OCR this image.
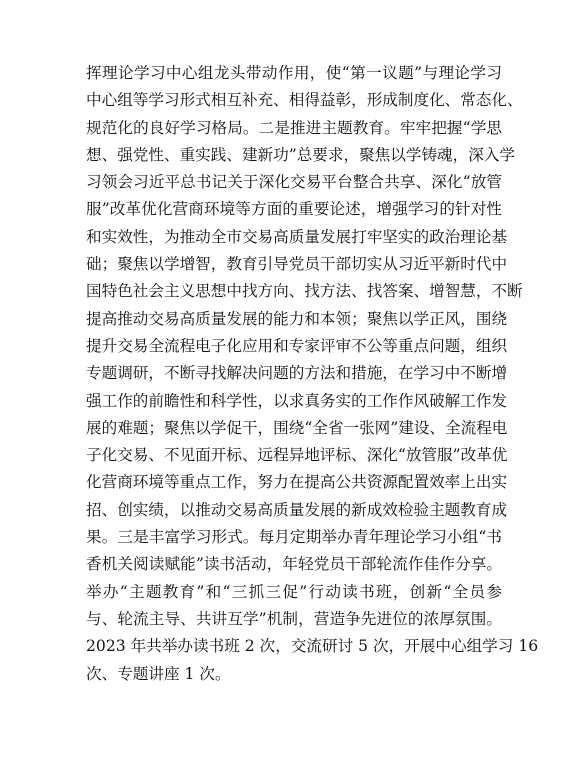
挥理论学习中心组龙头带动作用，使“第一议题”与理论学习
中心组等学习形式相互补充、相得益彰，形成制度化、常态化、
规范化的良好学习格局。二是推进主题教育。牢牢把握“学思
想、强党性、重实践、建新功”总要求，聚焦以学铸魂，深入学
习领会习近平总书记关于深化交易平台整合共享、深化“放管
服”改革优化营商环境等方面的重要论述，增强学习的针对性
和实效性，为推动全市交易高质量发展打牢坚实的政治理论基
础；聚焦以学增智，教育引导党员干部切实从习近平新时代中
国特色社会主义思想中找方向、找方法、找答案、增智慧，不断
提高推动交易高质量发展的能力和本领；聚焦以学正风，围绕
提升交易全流程电子化应用和专家评审不公等重点问题，组织
专题调研，不断寻找解决问题的方法和措施，在学习中不断增
强工作的前瞻性和科学性，以求真务实的工作作风破解工作发
展的难题；聚焦以学促干，围绕“全省一张网”建设、全流程电
子化交易、不见面开标、远程异地评标、深化“放管服”改革优
化营商环境等重点工作，努力在提高公共资源配置效率上出实
招、创实绩，以推动交易高质量发展的新成效检验主题教育成
果。三是丰富学习形式。每月定期举办青年理论学习小组“书
香机关阅读赋能”读书活动，年轻党员干部轮流作佳作分享。
举办“主题教育”和“三抓三促”行动读书班，创新“全员参
与、轮流主导、共讲互学”机制，营造争先进位的浓厚氛围。
2023 年共举办读书班 2 次，交流研讨 5 次，开展中心组学习 16
次、专题讲座 1 次。
